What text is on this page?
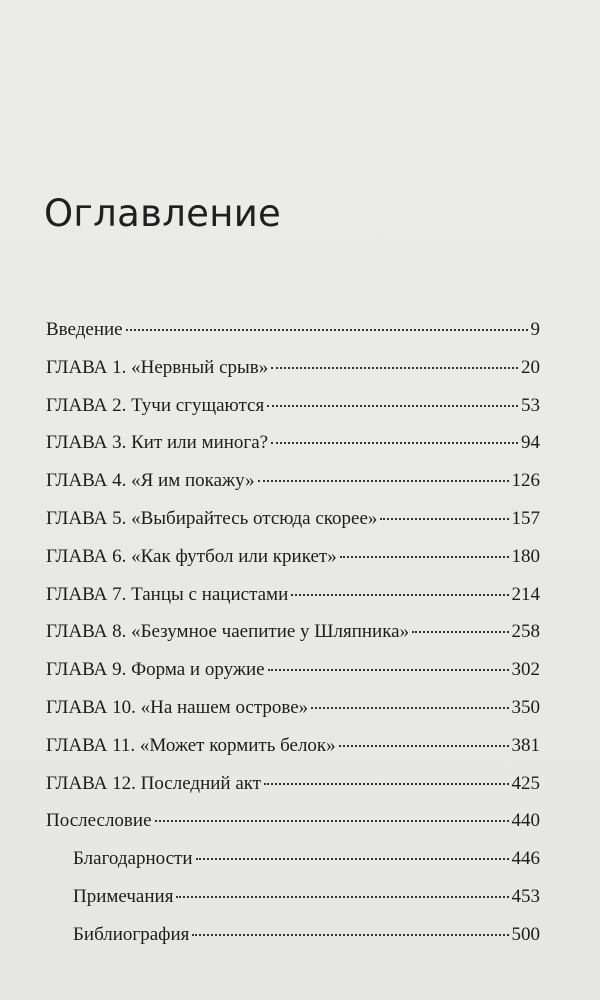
Оглавление
Введение	9
ГЛАВА 1. «Нервный срыв»	20
ГЛАВА 2. Тучи сгущаются	53
ГЛАВА 3. Кит или минога?	94
ГЛАВА 4. «Я им покажу»	126
ГЛАВА 5. «Выбирайтесь отсюда скорее»	157
ГЛАВА 6. «Как футбол или крикет»	180
ГЛАВА 7. Танцы с нацистами	214
ГЛАВА 8. «Безумное чаепитие у Шляпника»	258
ГЛАВА 9. Форма и оружие	302
ГЛАВА 10. «На нашем острове»	350
ГЛАВА 11. «Может кормить белок»	381
ГЛАВА 12. Последний акт	425
Послесловие	440
Благодарности	446
Примечания	453
Библиография	500
